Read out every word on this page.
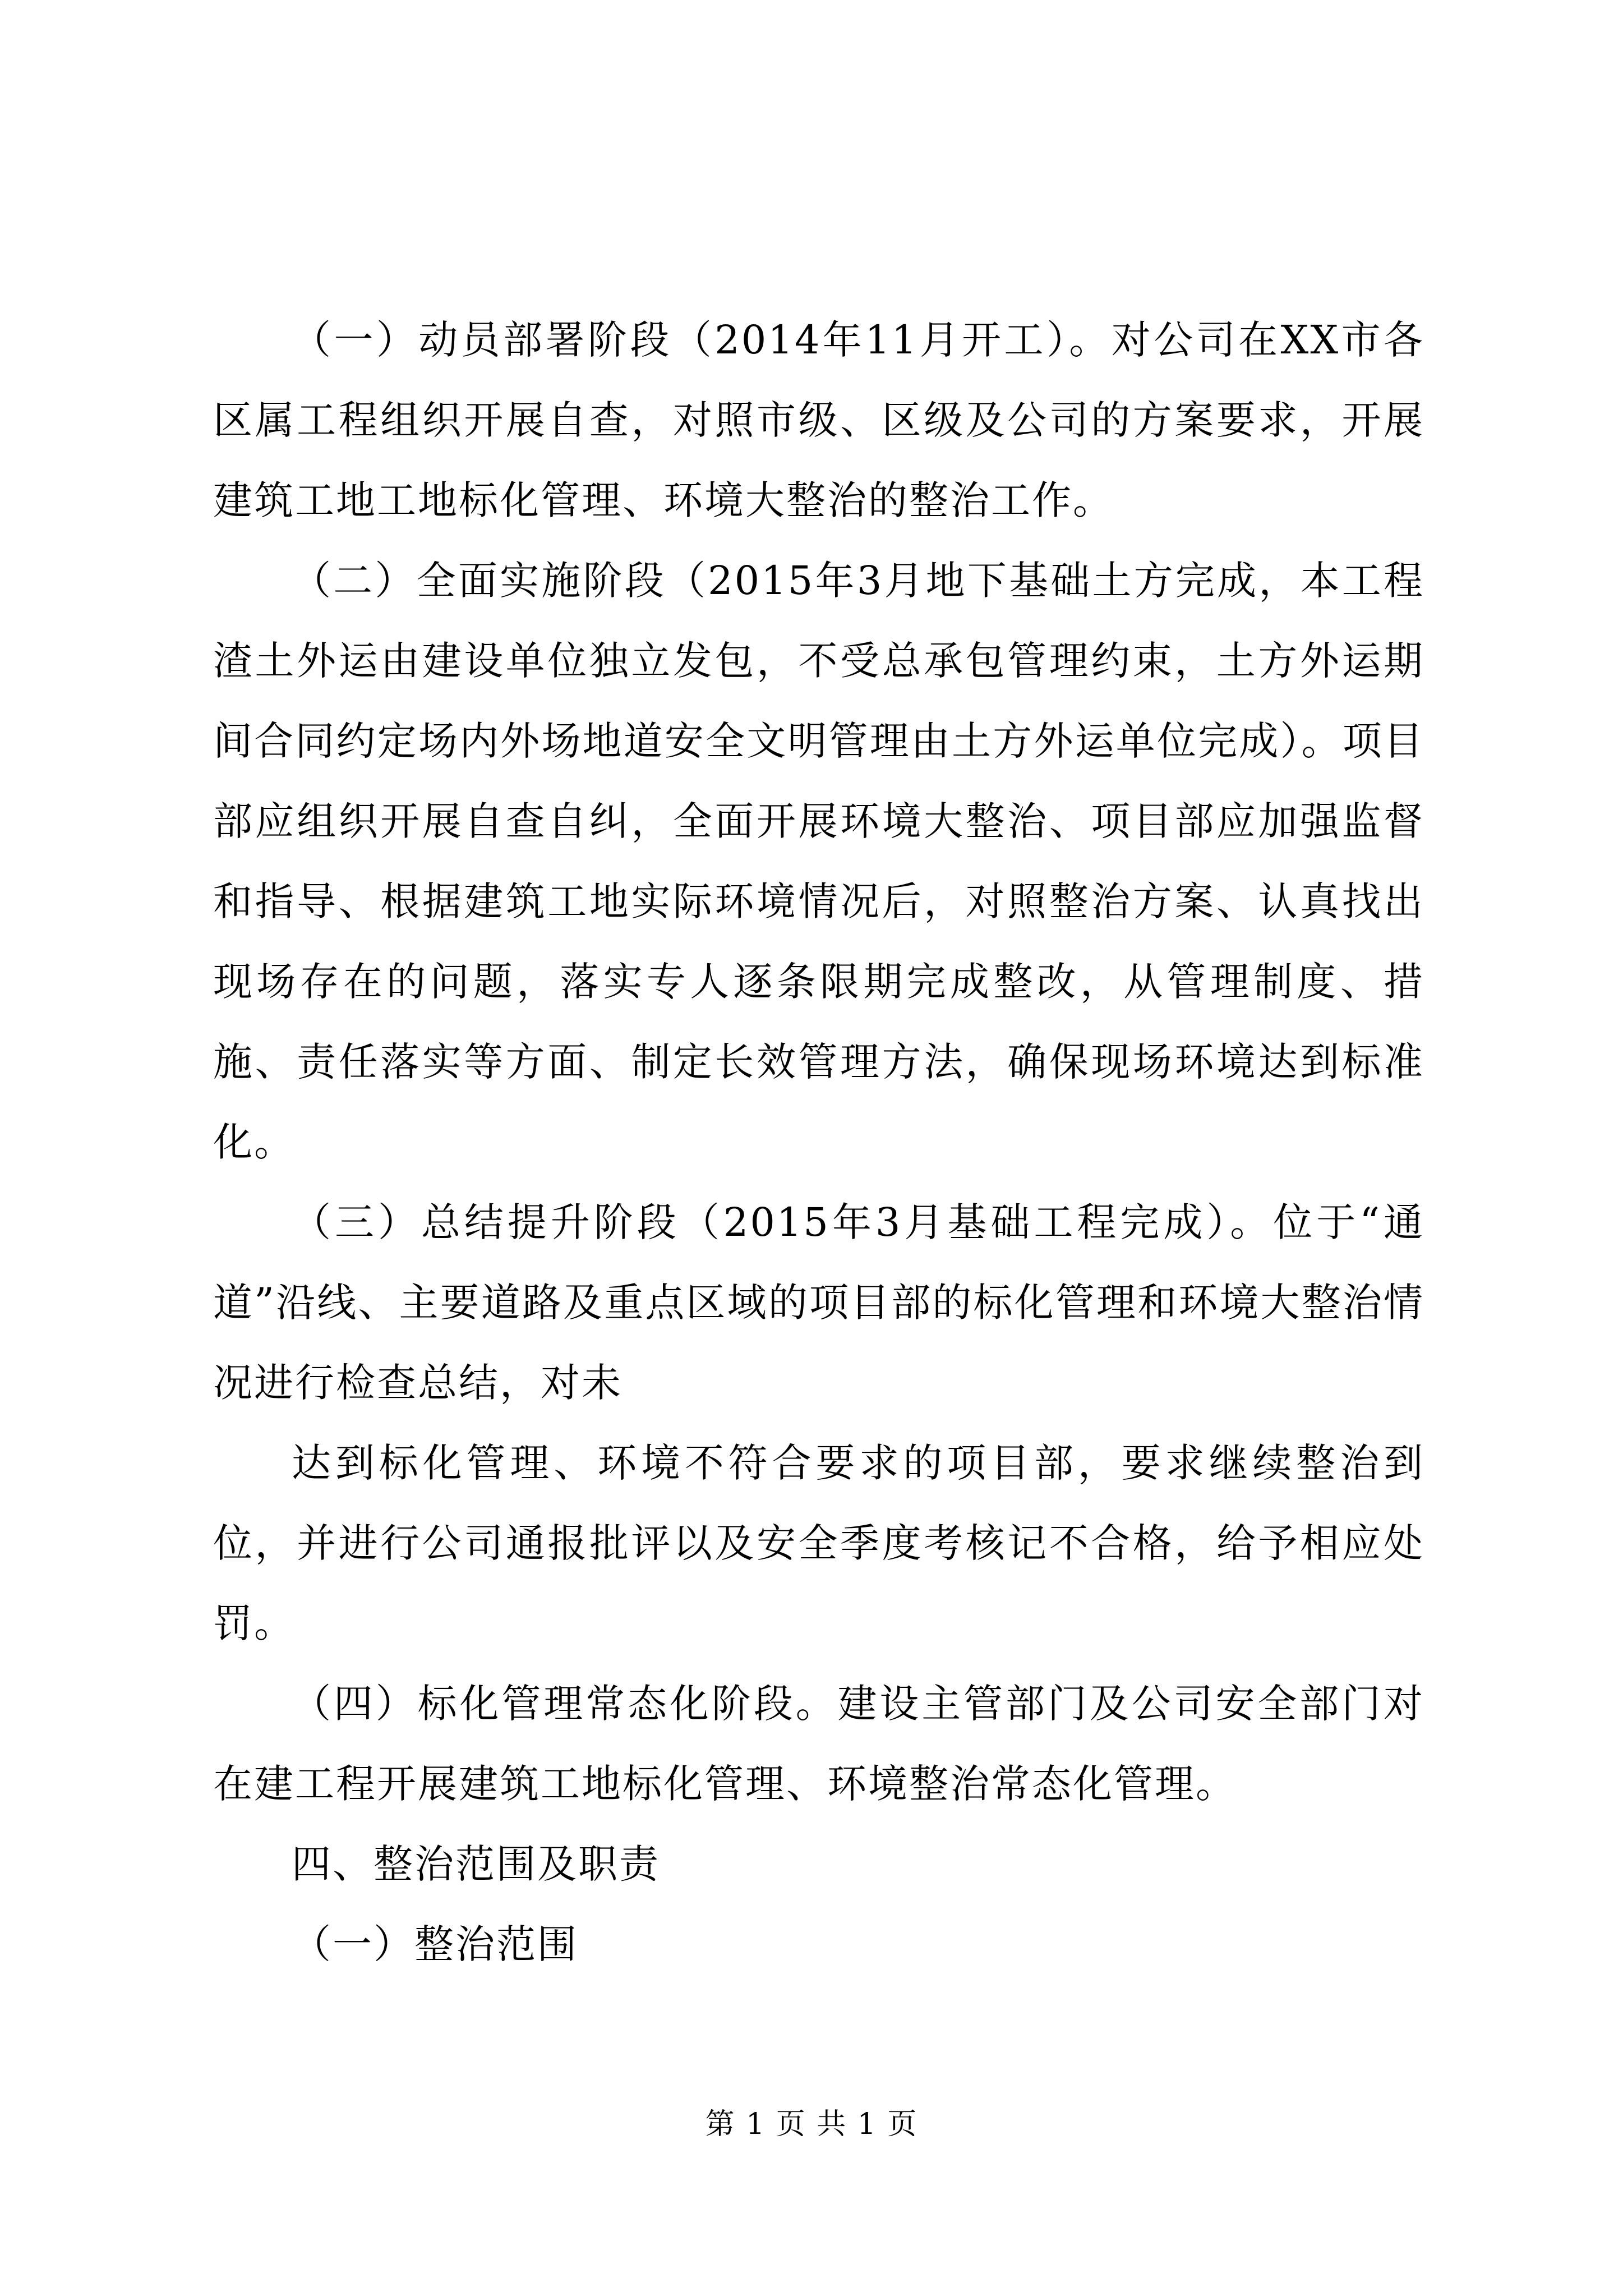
（一）动员部署阶段（2014年11月开工）。对公司在XX市各区属工程组织开展自查，对照市级、区级及公司的方案要求，开展建筑工地工地标化管理、环境大整治的整治工作。

（二）全面实施阶段（2015年3月地下基础土方完成，本工程渣土外运由建设单位独立发包，不受总承包管理约束，土方外运期间合同约定场内外场地道安全文明管理由土方外运单位完成）。项目部应组织开展自查自纠，全面开展环境大整治、项目部应加强监督和指导、根据建筑工地实际环境情况后，对照整治方案、认真找出现场存在的问题，落实专人逐条限期完成整改，从管理制度、措施、责任落实等方面、制定长效管理方法，确保现场环境达到标准化。

（三）总结提升阶段（2015年3月基础工程完成）。位于“通道”沿线、主要道路及重点区域的项目部的标化管理和环境大整治情况进行检查总结，对未

达到标化管理、环境不符合要求的项目部，要求继续整治到位，并进行公司通报批评以及安全季度考核记不合格，给予相应处罚。

（四）标化管理常态化阶段。建设主管部门及公司安全部门对在建工程开展建筑工地标化管理、环境整治常态化管理。

四、整治范围及职责

（一）整治范围

第 1 页 共 1 页
